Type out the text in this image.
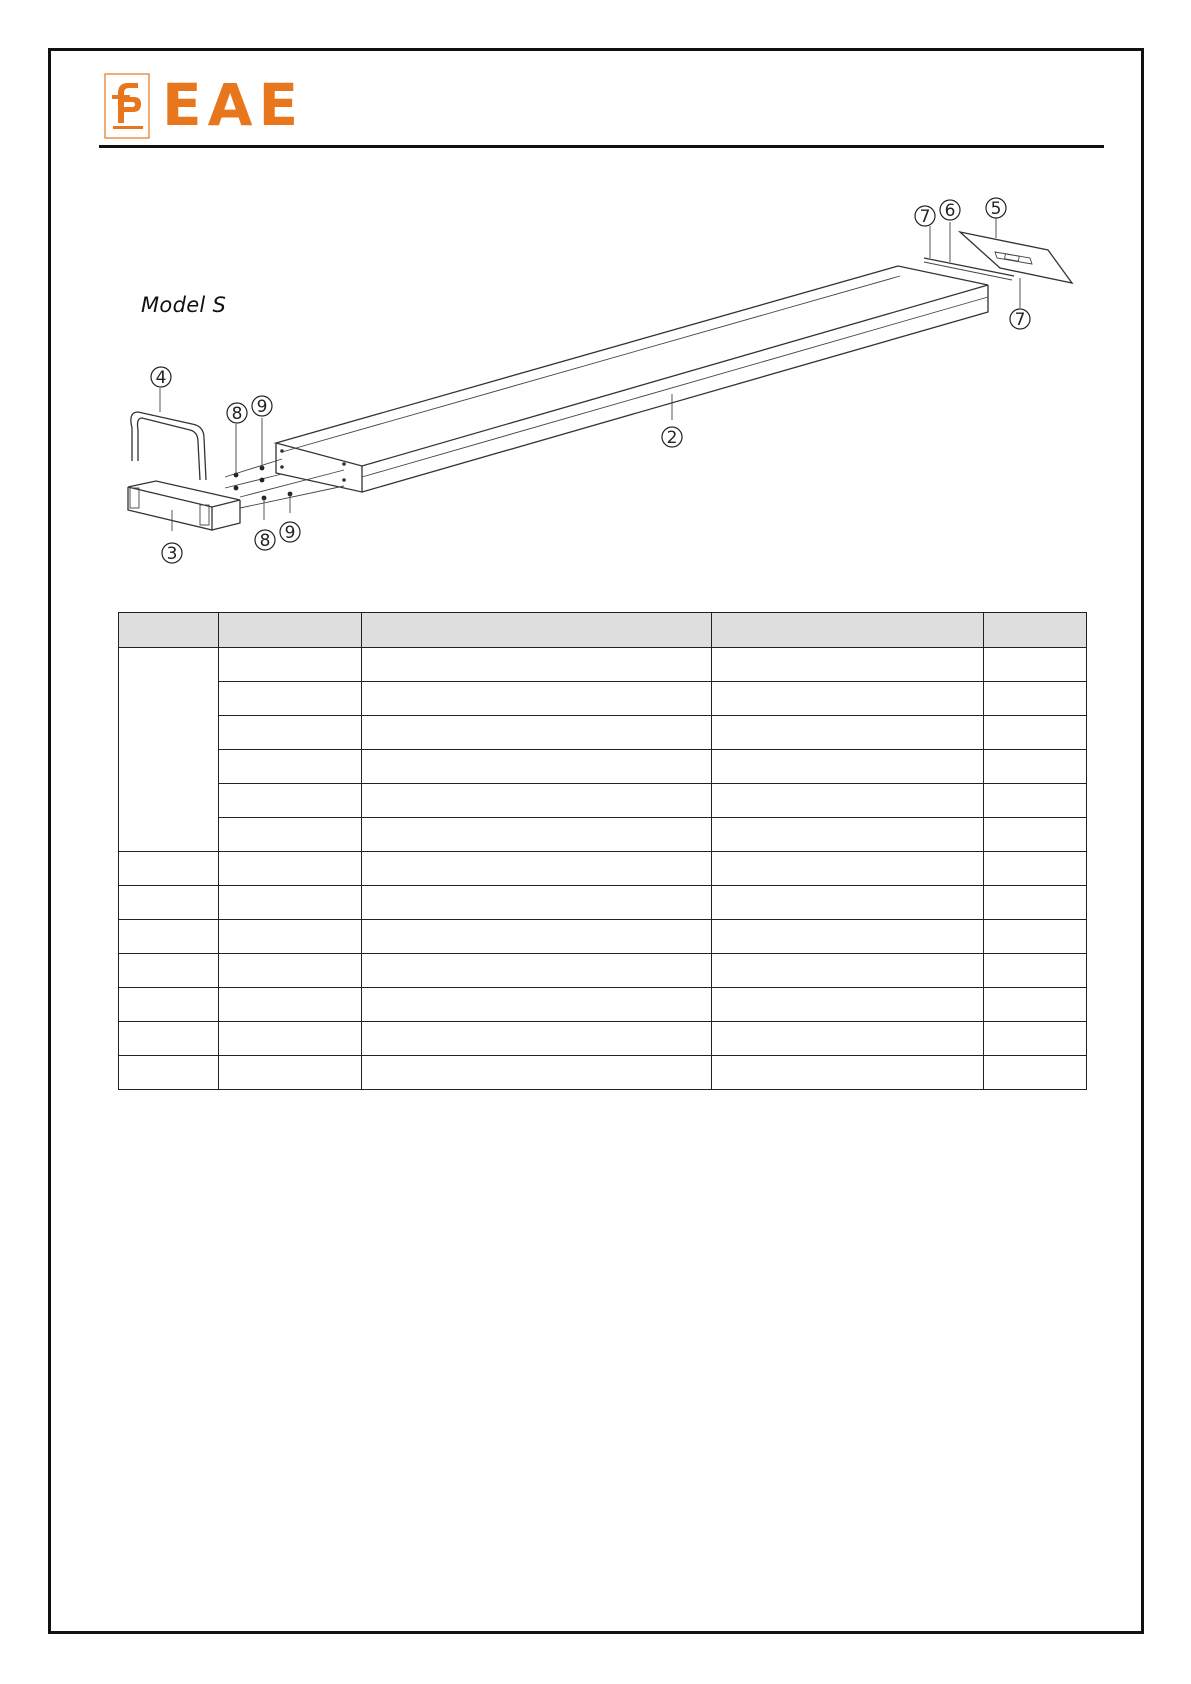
EAE
7 6 5
7
4
8 9
2
3
8 9
Model S
